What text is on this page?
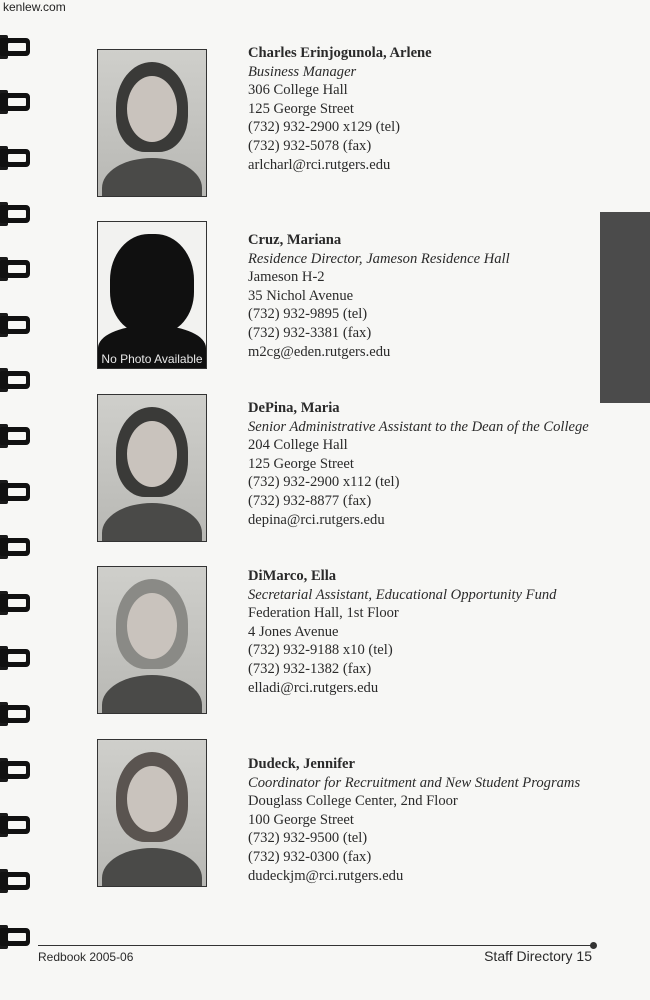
kenlew.com
Charles Erinjogunola, Arlene
Business Manager
306 College Hall
125 George Street
(732) 932-2900 x129 (tel)
(732) 932-5078 (fax)
arlcharl@rci.rutgers.edu
No Photo Available
Cruz, Mariana
Residence Director, Jameson Residence Hall
Jameson H-2
35 Nichol Avenue
(732) 932-9895 (tel)
(732) 932-3381 (fax)
m2cg@eden.rutgers.edu
DePina, Maria
Senior Administrative Assistant to the Dean of the College
204 College Hall
125 George Street
(732) 932-2900 x112 (tel)
(732) 932-8877 (fax)
depina@rci.rutgers.edu
DiMarco, Ella
Secretarial Assistant, Educational Opportunity Fund
Federation Hall, 1st Floor
4 Jones Avenue
(732) 932-9188 x10 (tel)
(732) 932-1382 (fax)
elladi@rci.rutgers.edu
Dudeck, Jennifer
Coordinator for Recruitment and New Student Programs
Douglass College Center, 2nd Floor
100 George Street
(732) 932-9500 (tel)
(732) 932-0300 (fax)
dudeckjm@rci.rutgers.edu
Redbook 2005-06	Staff Directory 15
